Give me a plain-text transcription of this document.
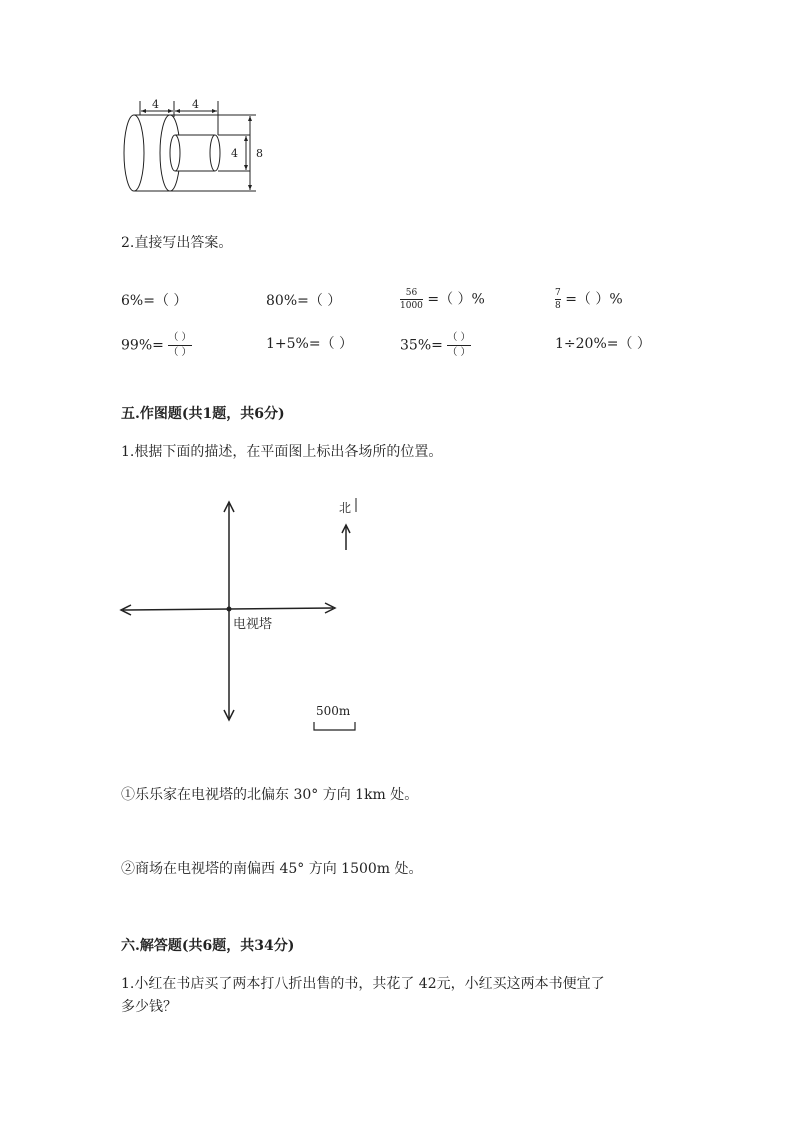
4	4
4 8
2.直接写出答案。
6%=（ ）	80%=（ ）	$\frac{56}{1000}$ =（ ）%	$\frac{7}{8}$ =（ ）%
$99\%= \frac{( )}{( )}$	1+5%=（ ）	$35\%= \frac{( )}{( )}$	1÷20%=（ ）
五.作图题(共1题，共6分)
1.根据下面的描述，在平面图上标出各场所的位置。
电视塔
北
500m
①乐乐家在电视塔的北偏东 30° 方向 1km 处。
②商场在电视塔的南偏西 45° 方向 1500m 处。
六.解答题(共6题，共34分)
1.小红在书店买了两本打八折出售的书，共花了 42元，小红买这两本书便宜了
多少钱？
